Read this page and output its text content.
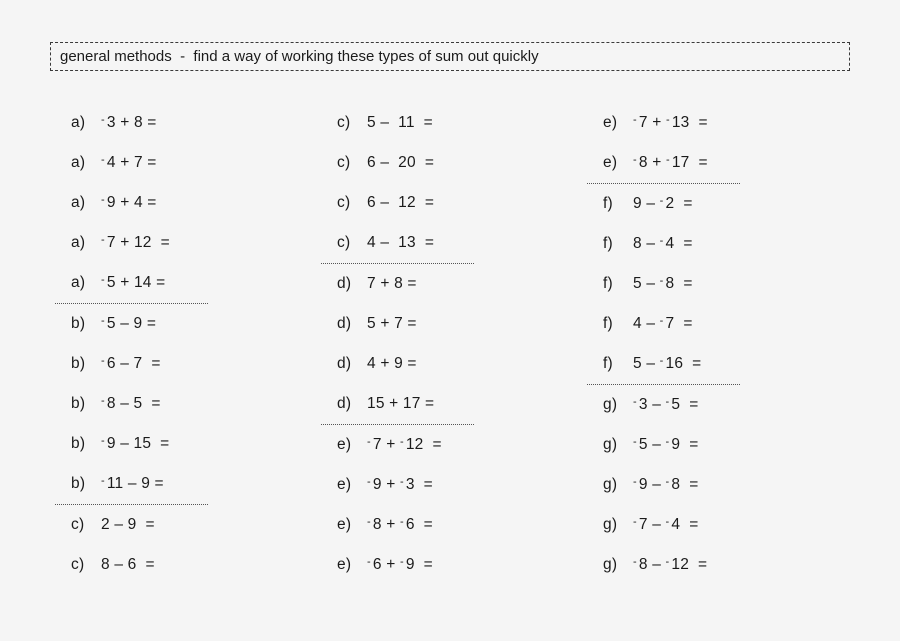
general methods  -  find a way of working these types of sum out quickly
a)	- 3 + 8 =
a)	- 4 + 7 =
a)	- 9 + 4 =
a)	- 7 + 12  =
a)	- 5 + 14 =
b)	- 5 – 9 =
b)	- 6 – 7  =
b)	- 8 – 5  =
b)	- 9 – 15  =
b)	- 11 – 9 =
c)	2 – 9  =
c)	8 – 6  =
c)	5 –  11  =
c)	6 –  20  =
c)	6 –  12  =
c)	4 –  13  =
d)	7 + 8 =
d)	5 + 7 =
d)	4 + 9 =
d)	15 + 17 =
e)	- 7 + - 12  =
e)	- 9 + - 3  =
e)	- 8 + - 6  =
e)	- 6 + - 9  =
e)	- 7 + - 13  =
e)	- 8 + - 17  =
f)	9 – - 2  =
f)	8 – - 4  =
f)	5 – - 8  =
f)	4 – - 7  =
f)	5 – - 16  =
g)	- 3 – - 5  =
g)	- 5 – - 9  =
g)	- 9 – - 8  =
g)	- 7 – - 4  =
g)	- 8 – - 12  =
